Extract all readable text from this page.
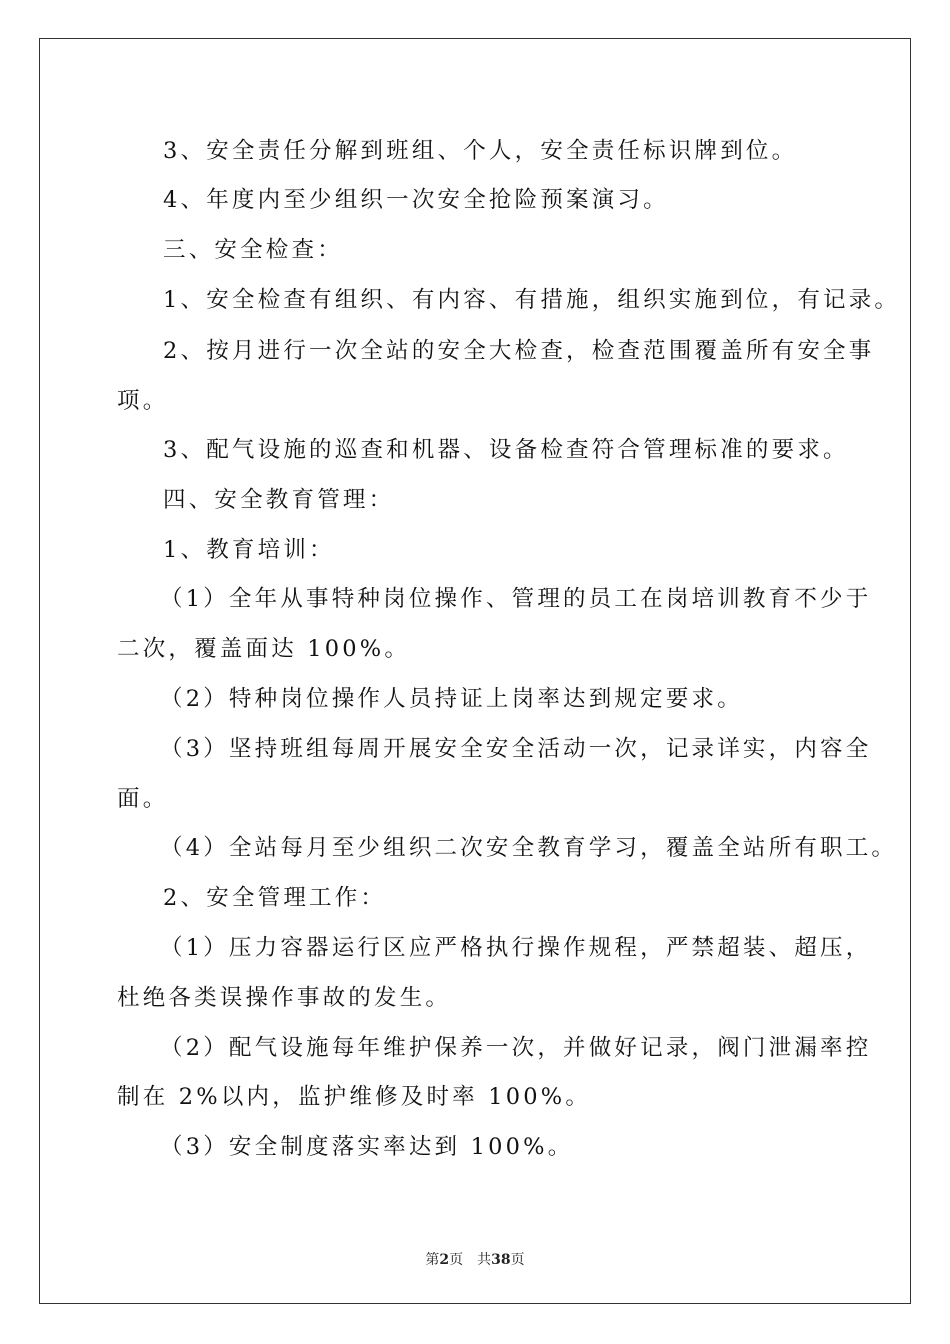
3、安全责任分解到班组、个人，安全责任标识牌到位。
4、年度内至少组织一次安全抢险预案演习。
三、安全检查：
1、安全检查有组织、有内容、有措施，组织实施到位，有记录。
2、按月进行一次全站的安全大检查，检查范围覆盖所有安全事
项。
3、配气设施的巡查和机器、设备检查符合管理标准的要求。
四、安全教育管理：
1、教育培训：
（1）全年从事特种岗位操作、管理的员工在岗培训教育不少于
二次，覆盖面达 100%。
（2）特种岗位操作人员持证上岗率达到规定要求。
（3）坚持班组每周开展安全安全活动一次，记录详实，内容全
面。
（4）全站每月至少组织二次安全教育学习，覆盖全站所有职工。
2、安全管理工作：
（1）压力容器运行区应严格执行操作规程，严禁超装、超压，
杜绝各类误操作事故的发生。
（2）配气设施每年维护保养一次，并做好记录，阀门泄漏率控
制在 2%以内，监护维修及时率 100%。
（3）安全制度落实率达到 100%。
第2页　共38页
